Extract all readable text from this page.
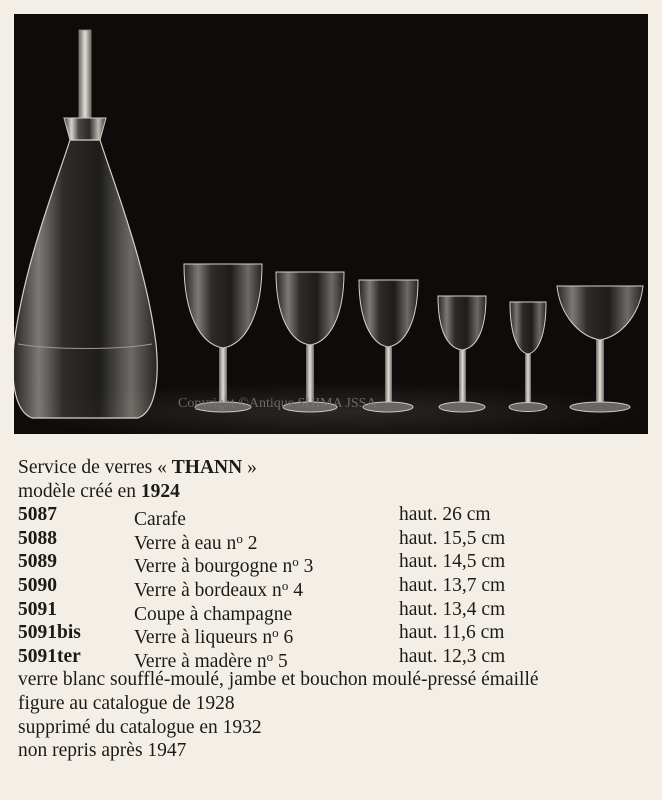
Copyright ©Antique SHIMA JSSA
Service de verres « THANN »
modèle créé en 1924
5087	Carafe	haut. 26 cm
5088	Verre à eau $n^o$ 2	haut. 15,5 cm
5089	Verre à bourgogne $n^o$ 3	haut. 14,5 cm
5090	Verre à bordeaux $n^o$ 4	haut. 13,7 cm
5091	Coupe à champagne	haut. 13,4 cm
5091bis	Verre à liqueurs $n^o$ 6	haut. 11,6 cm
5091ter	Verre à madère $n^o$ 5	haut. 12,3 cm
verre blanc soufflé-moulé, jambe et bouchon moulé-pressé émaillé
figure au catalogue de 1928
supprimé du catalogue en 1932
non repris après 1947
